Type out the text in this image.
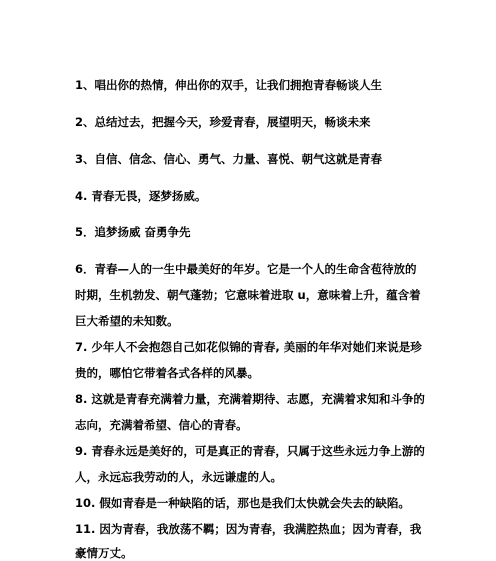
1、唱出你的热情，伸出你的双手，让我们拥抱青春畅谈人生
2、总结过去，把握今天，珍爱青春，展望明天，畅谈未来
3、自信、信念、信心、勇气、力量、喜悦、朝气这就是青春
4. 青春无畏，逐梦扬威。
5．追梦扬威 奋勇争先
6．青春—人的一生中最美好的年岁。它是一个人的生命含苞待放的
时期，生机勃发、朝气蓬勃；它意味着进取 u，意味着上升，蕴含着
巨大希望的未知数。
7. 少年人不会抱怨自己如花似锦的青春, 美丽的年华对她们来说是珍
贵的，哪怕它带着各式各样的风暴。
8. 这就是青春充满着力量，充满着期待、志愿，充满着求知和斗争的
志向，充满着希望、信心的青春。
9. 青春永远是美好的，可是真正的青春，只属于这些永远力争上游的
人，永远忘我劳动的人，永远谦虚的人。
10. 假如青春是一种缺陷的话，那也是我们太快就会失去的缺陷。
11. 因为青春，我放荡不羁；因为青春，我满腔热血；因为青春，我
豪情万丈。
